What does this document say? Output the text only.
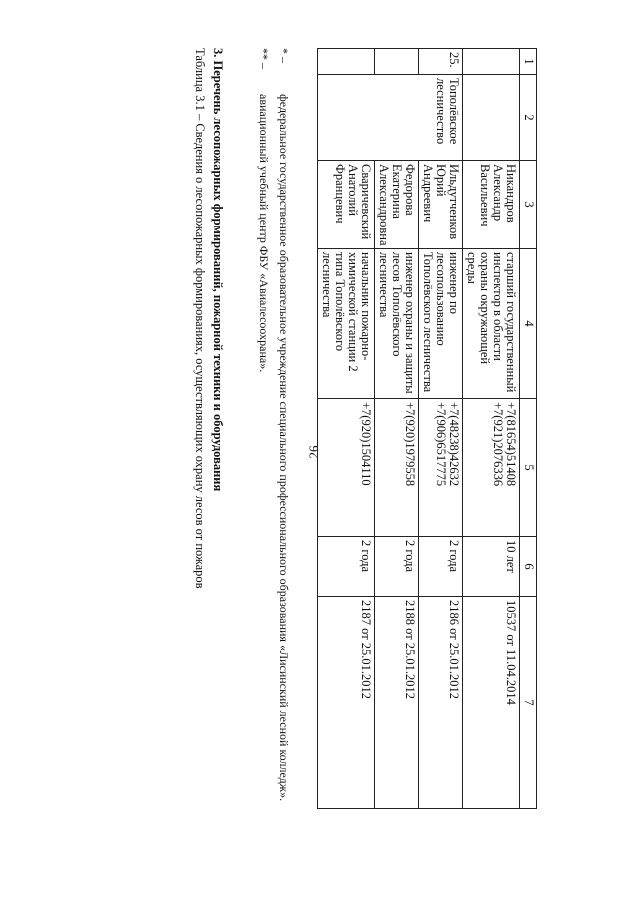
26
1	2	3	4	5	6	7
		Никандров Александр Васильевич	старший государственный инспектор в области охраны окружающей среды	+7(81654)51408 +7(921)2076336	10 лет	10537 от 11.04.2014
25.	Тополёвское лесничество	Ильдутченков Юрий Андреевич	инженер по лесопользованию Тополёвского лесничества	+7(48238)42632 +7(906)6517775	2 года	2186 от 25.01.2012
		Федорова Екатерина Александровна	инженер охраны и защиты лесов Тополёвского лесничества	+7(920)1979558	2 года	2188 от 25.01.2012
		Сваричевский Анатолий Францевич	начальник пожарно-химической станции 2 типа Тополёвского лесничества	+7(920)1504110	2 года	2187 от 25.01.2012
* –
федеральное государственное образовательное учреждение специального профессионального образования «Лисинский лесной колледж».
** –
авиационный учебный центр ФБУ «Авиалесоохрана».
3. Перечень лесопожарных формирований, пожарной техники и оборудования
Таблица 3.1 – Сведения о лесопожарных формированиях, осуществляющих охрану лесов от пожаров
